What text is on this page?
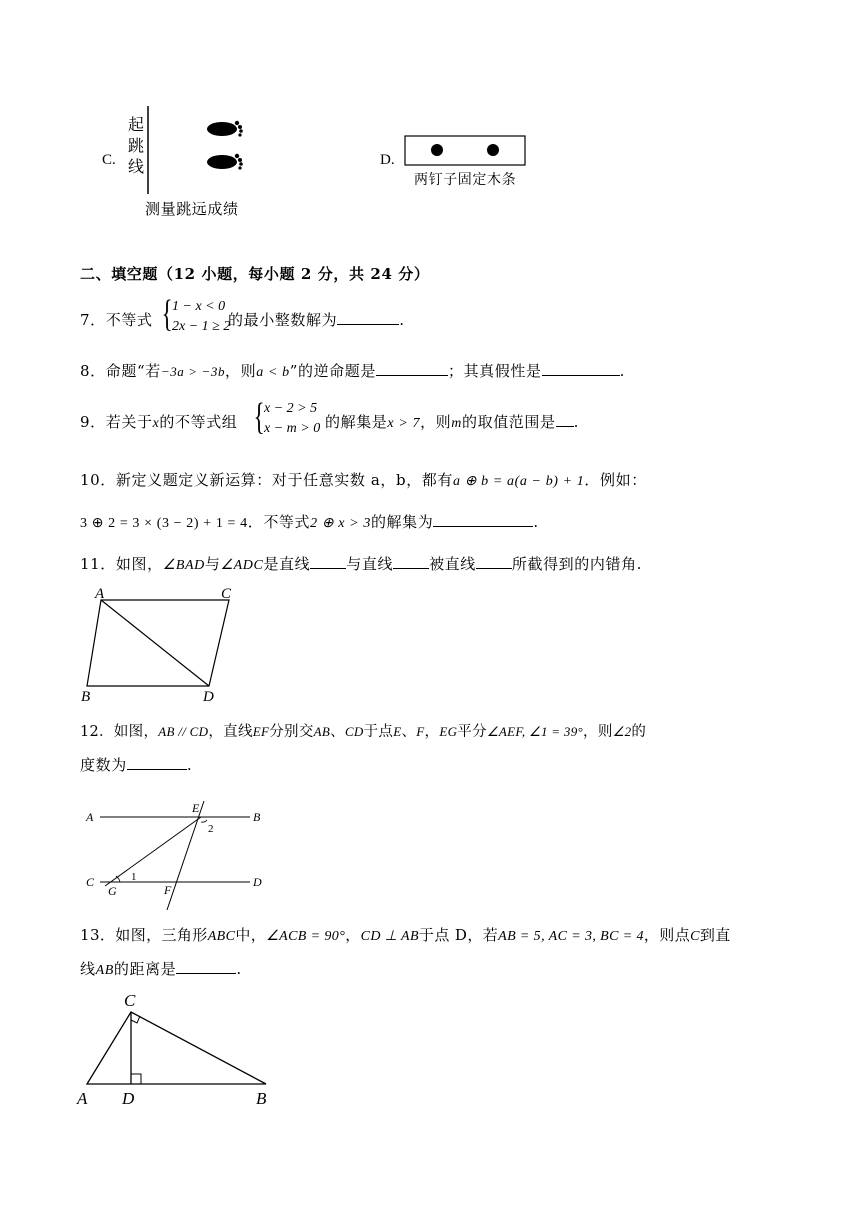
C.
起
跳
线
测量跳远成绩
D.
两钉子固定木条
二、填空题（12 小题，每小题 2 分，共 24 分）
7．不等式 { 1 − x < 0
2x − 1 ≥ 2
的最小整数解为	.
8．命题“若−3a > −3b，则a < b”的逆命题是	；其真假性是	.
9．若关于x的不等式组 { x − 2 > 5
x − m > 0 的解集是x > 7，则m的取值范围是 .
10．新定义题定义新运算：对于任意实数 a，b，都有a ⊕ b = a(a − b) + 1．例如：
3 ⊕ 2 = 3 × (3 − 2) + 1 = 4．不等式2 ⊕ x > 3的解集为	.
11．如图，∠BAD与∠ADC是直线 与直线 被直线 所截得到的内错角.
A	C
B	D
12．如图，AB // CD，直线EF分别交AB、CD于点E、F，EG平分∠AEF, ∠1 = 39°，则∠2的
度数为	.
A	B
C	D
E
F
G
1
2
13．如图，三角形ABC中，∠ACB = 90°，CD ⊥ AB于点 D，若AB = 5, AC = 3, BC = 4，则点C到直
线AB的距离是	.
C
A D	B
